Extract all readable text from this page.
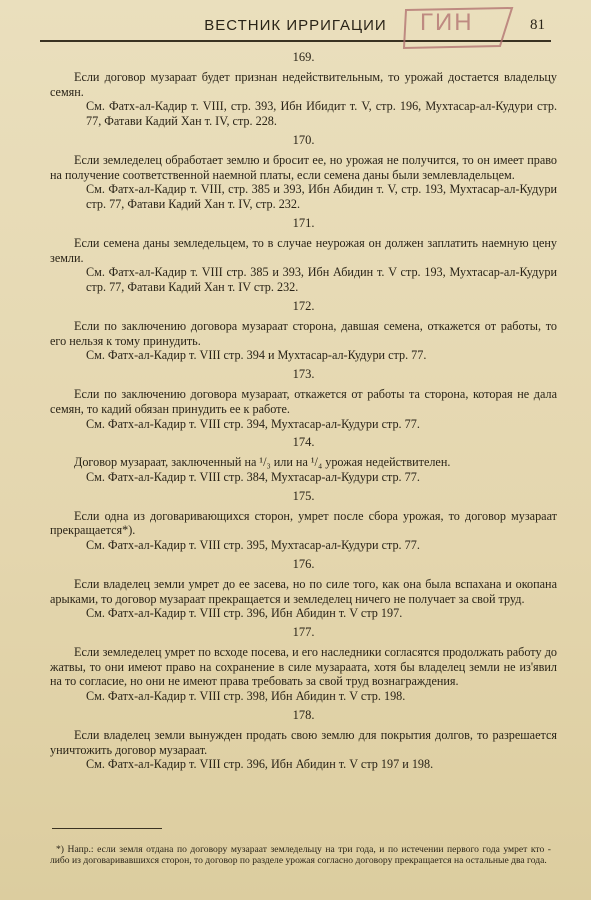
ВЕСТНИК ИРРИГАЦИИ	81
ГИН
169.

Если договор музараат будет признан недействительным, то урожай достается владельцу семян.

См. Фатх-ал-Кадир т. VIII, стр. 393, Ибн Ибидит т. V, стр. 196, Мухтасар-ал-Кудури стр. 77, Фатави Кадий Хан т. IV, стр. 228.

170.

Если земледелец обработает землю и бросит ее, но урожая не получится, то он имеет право на получение соответственной наемной платы, если семена даны были землевладельцем.

См. Фатх-ал-Кадир т. VIII, стр. 385 и 393, Ибн Абидин т. V, стр. 193, Мухтасар-ал-Кудури стр. 77, Фатави Кадий Хан т. IV, стр. 232.

171.

Если семена даны земледельцем, то в случае неурожая он должен заплатить наемную цену земли.

См. Фатх-ал-Кадир т. VIII стр. 385 и 393, Ибн Абидин т. V стр. 193, Мухтасар-ал-Кудури стр. 77, Фатави Кадий Хан т. IV стр. 232.

172.

Если по заключению договора музараат сторона, давшая семена, откажется от работы, то его нельзя к тому принудить.

См. Фатх-ал-Кадир т. VIII стр. 394 и Мухтасар-ал-Кудури стр. 77.

173.

Если по заключению договора музараат, откажется от работы та сторона, которая не дала семян, то кадий обязан принудить ее к работе.

См. Фатх-ал-Кадир т. VIII стр. 394, Мухтасар-ал-Кудури стр. 77.

174.

Договор музараат, заключенный на ¹/₃ или на ¹/₄ урожая недействителен.

См. Фатх-ал-Кадир т. VIII стр. 384, Мухтасар-ал-Кудури стр. 77.

175.

Если одна из договаривающихся сторон, умрет после сбора урожая, то договор музараат прекращается*).

См. Фатх-ал-Кадир т. VIII стр. 395, Мухтасар-ал-Кудури стр. 77.

176.

Если владелец земли умрет до ее засева, но по силе того, как она была вспахана и окопана арыками, то договор музараат прекращается и земледелец ничего не получает за свой труд.

См. Фатх-ал-Кадир т. VIII стр. 396, Ибн Абидин т. V стр 197.

177.

Если земледелец умрет по всходе посева, и его наследники согласятся продолжать работу до жатвы, то они имеют право на сохранение в силе музараата, хотя бы владелец земли не из'явил на то согласие, но они не имеют права требовать за свой труд вознаграждения.

См. Фатх-ал-Кадир т. VIII стр. 398, Ибн Абидин т. V стр. 198.

178.

Если владелец земли вынужден продать свою землю для покрытия долгов, то разрешается уничтожить договор музараат.

См. Фатх-ал-Кадир т. VIII стр. 396, Ибн Абидин т. V стр 197 и 198.

*) Напр.: если земля отдана по договору музараат земледельцу на три года, и по истечении первого года умрет кто - либо из договаривавшихся сторон, то договор по разделе урожая согласно договору прекращается на остальные два года.
